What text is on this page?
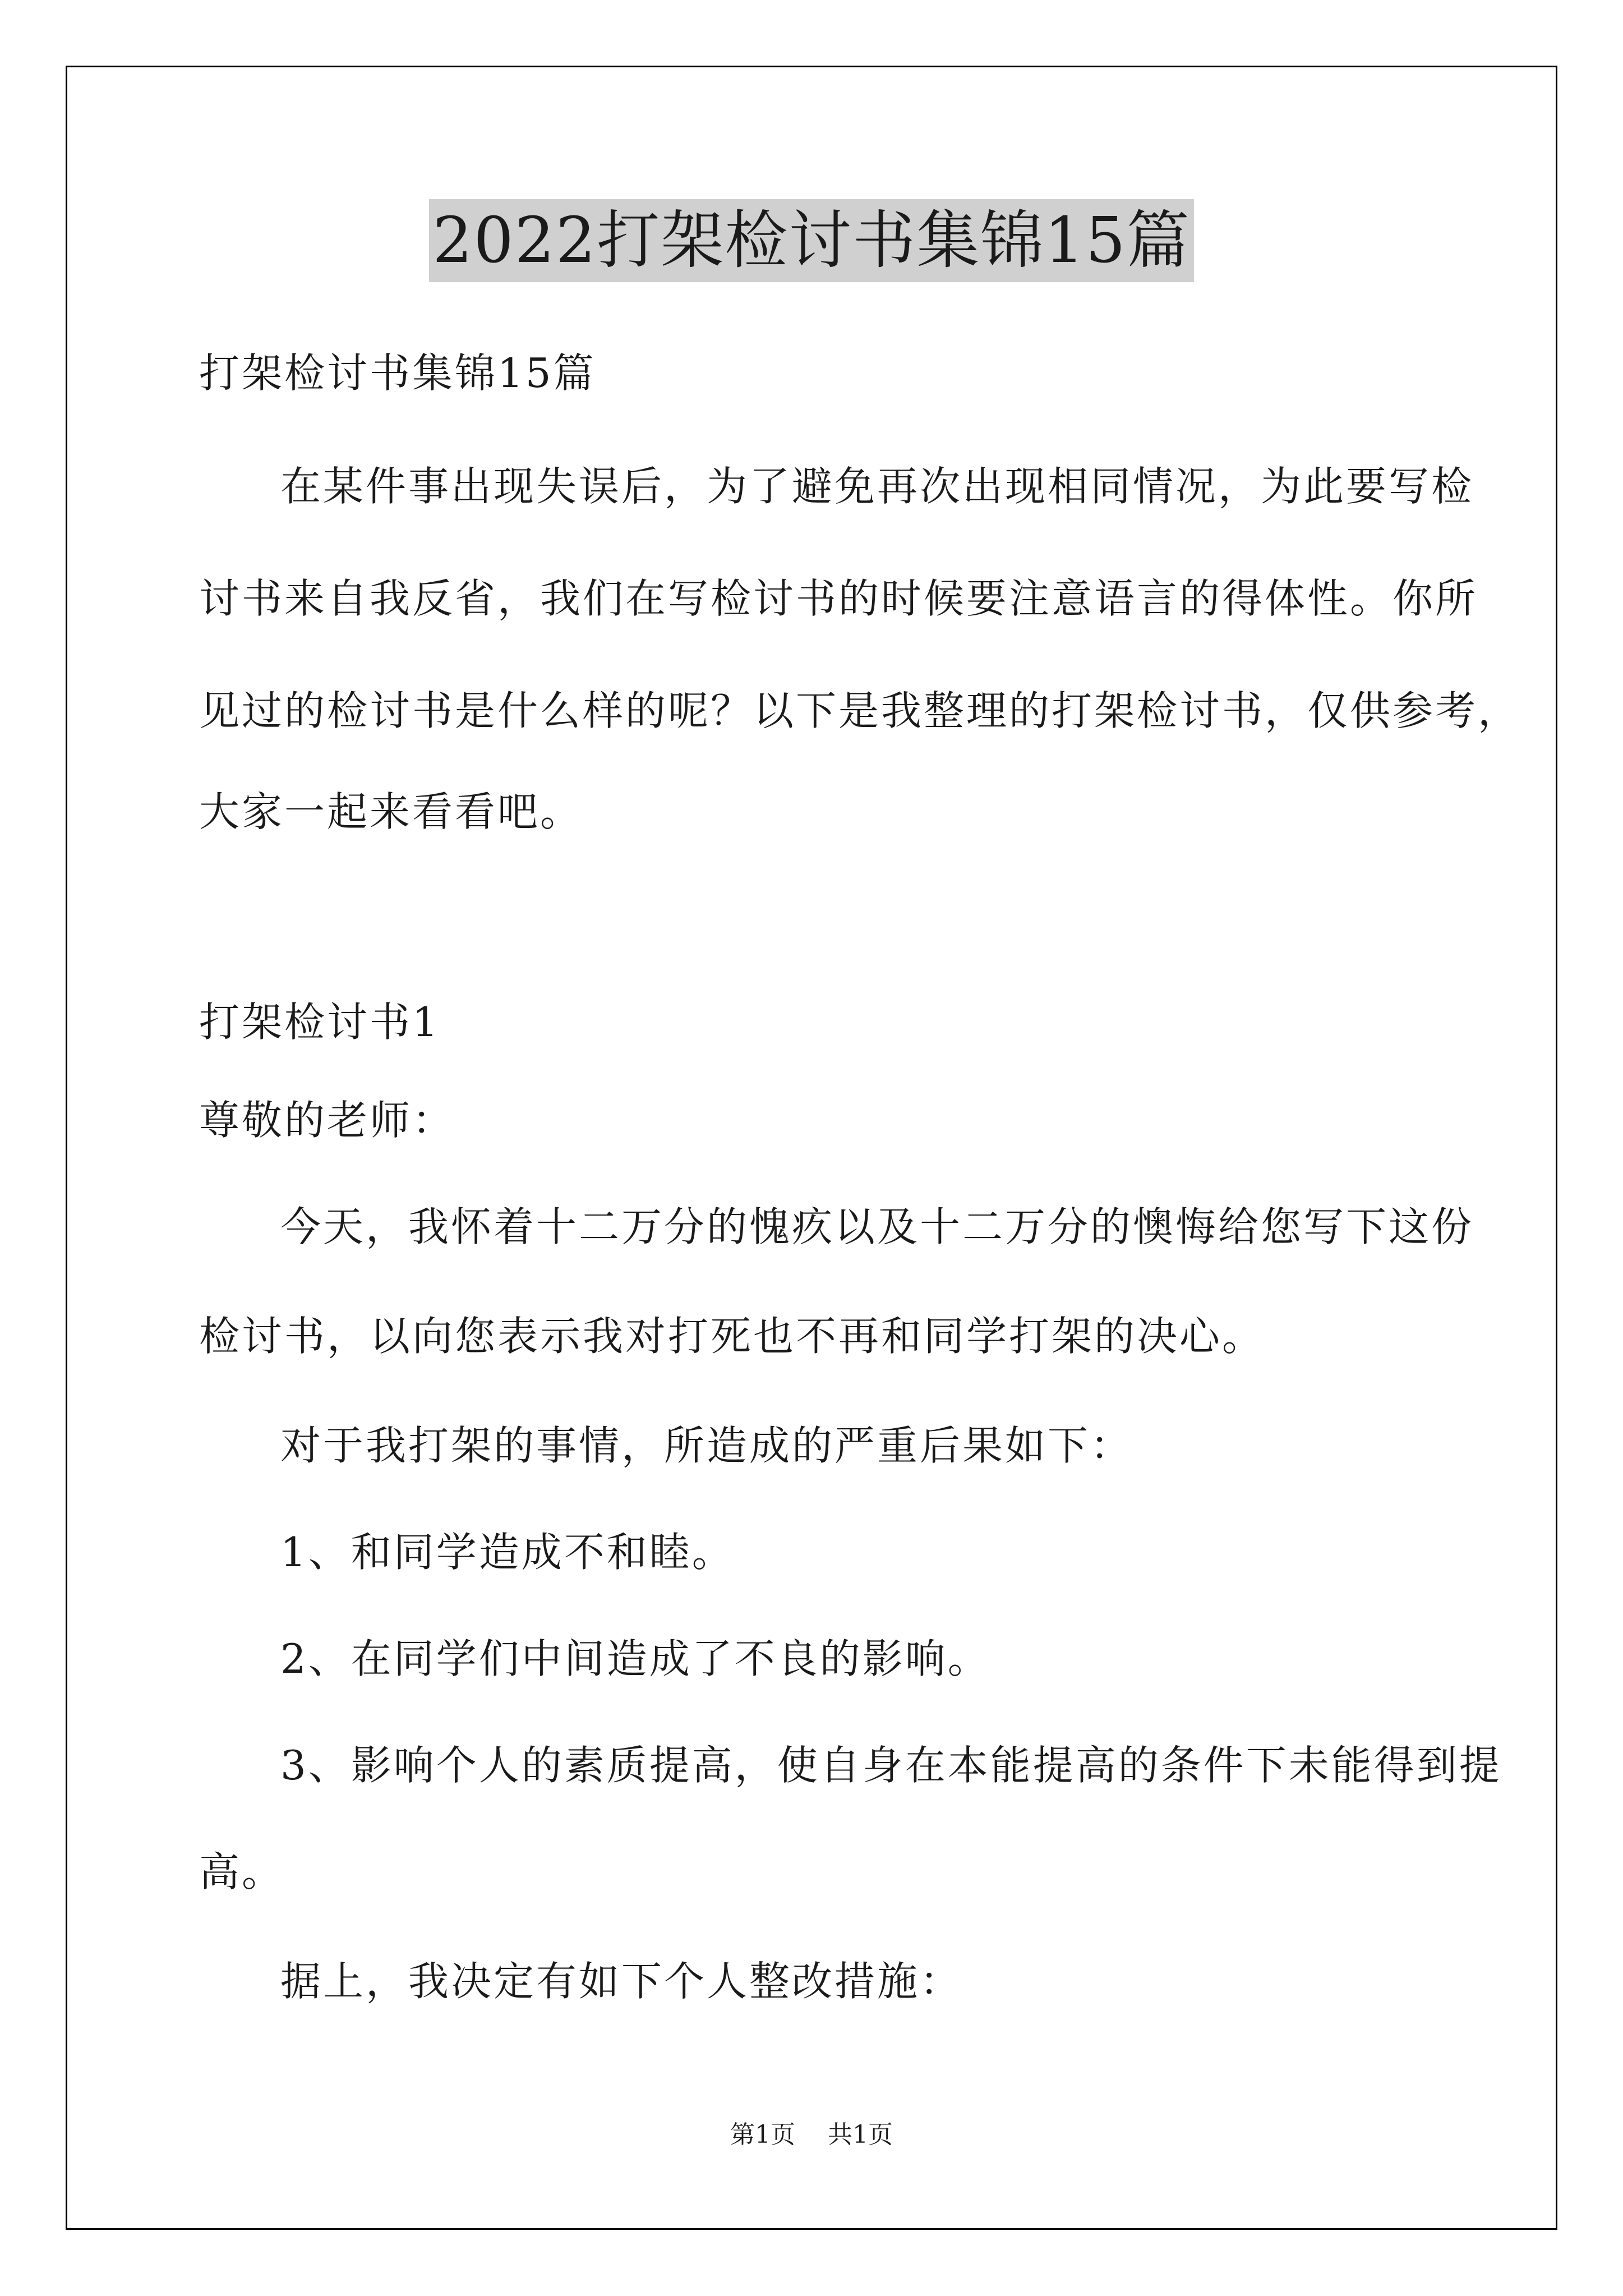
2022打架检讨书集锦15篇
打架检讨书集锦15篇
在某件事出现失误后，为了避免再次出现相同情况，为此要写检
讨书来自我反省，我们在写检讨书的时候要注意语言的得体性。你所
见过的检讨书是什么样的呢？以下是我整理的打架检讨书，仅供参考，
大家一起来看看吧。
打架检讨书1
尊敬的老师：
今天，我怀着十二万分的愧疚以及十二万分的懊悔给您写下这份
检讨书，以向您表示我对打死也不再和同学打架的决心。
对于我打架的事情，所造成的严重后果如下：
1、和同学造成不和睦。
2、在同学们中间造成了不良的影响。
3、影响个人的素质提高，使自身在本能提高的条件下未能得到提
高。
据上，我决定有如下个人整改措施：
第1页 共1页
